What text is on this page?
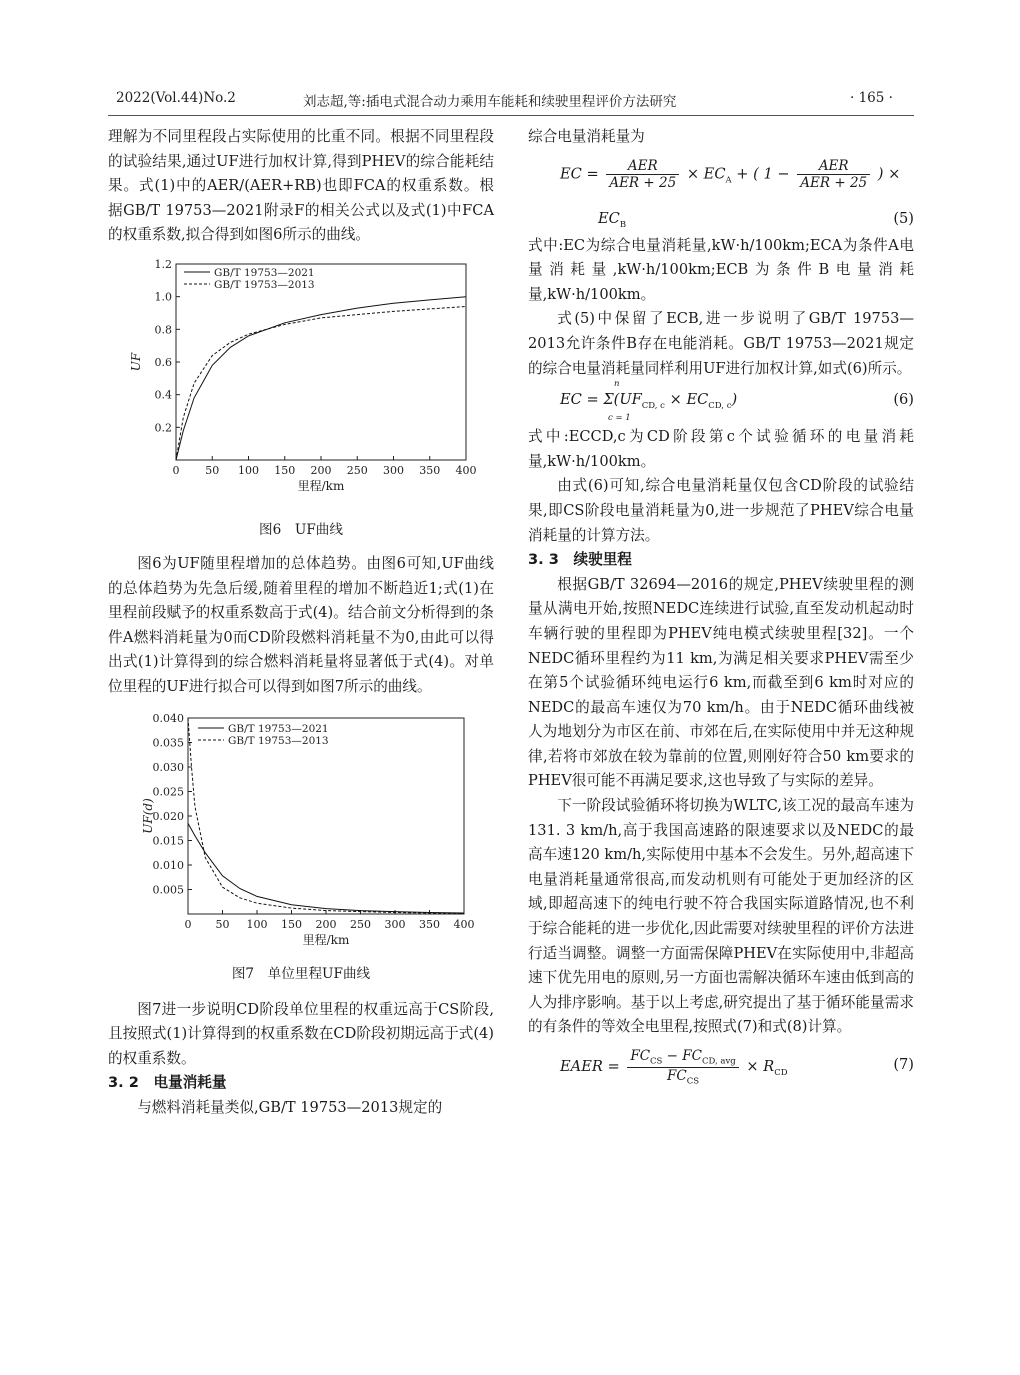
2022(Vol.44)No.2	刘志超,等:插电式混合动力乘用车能耗和续驶里程评价方法研究	· 165 ·

理解为不同里程段占实际使用的比重不同。根据不同里程段的试验结果,通过UF进行加权计算,得到PHEV的综合能耗结果。式(1)中的AER/(AER+RB)也即FCA的权重系数。根据GB/T 19753—2021附录F的相关公式以及式(1)中FCA的权重系数,拟合得到如图6所示的曲线。

0 50 100 150 200 250 300 350 400
0.2
0.4
0.6
0.8
1.0
1.2
里程/km
UF
GB/T 19753—2021
GB/T 19753—2013

图6　UF曲线

图6为UF随里程增加的总体趋势。由图6可知,UF曲线的总体趋势为先急后缓,随着里程的增加不断趋近1;式(1)在里程前段赋予的权重系数高于式(4)。结合前文分析得到的条件A燃料消耗量为0而CD阶段燃料消耗量不为0,由此可以得出式(1)计算得到的综合燃料消耗量将显著低于式(4)。对单位里程的UF进行拟合可以得到如图7所示的曲线。

0 50 100 150 200 250 300 350 400
0.005
0.010
0.015
0.020
0.025
0.030
0.035
0.040
里程/km
UF(d)
GB/T 19753—2021
GB/T 19753—2013

图7　单位里程UF曲线

图7进一步说明CD阶段单位里程的权重远高于CS阶段,且按照式(1)计算得到的权重系数在CD阶段初期远高于式(4)的权重系数。

3. 2　电量消耗量

与燃料消耗量类似,GB/T 19753—2013规定的

综合电量消耗量为

EC = $\frac{\text{AER}}{\text{AER + 25}} \times EC_A$ + ( $1 - \frac{\text{AER}}{\text{AER + 25}}$ ) ×
$EC_B$	(5)

式中:EC为综合电量消耗量,kW·h/100km;ECA为条件A电量消耗量,kW·h/100km;ECB为条件B电量消耗量,kW·h/100km。

式(5)中保留了ECB,进一步说明了GB/T 19753—2013允许条件B存在电能消耗。GB/T 19753—2021规定的综合电量消耗量同样利用UF进行加权计算,如式(6)所示。

EC = $\Sigma(UF_{CD, c} \times EC_{CD, c})$
n
c = 1
(6)

式中:ECCD,c为CD阶段第c个试验循环的电量消耗量,kW·h/100km。

由式(6)可知,综合电量消耗量仅包含CD阶段的试验结果,即CS阶段电量消耗量为0,进一步规范了PHEV综合电量消耗量的计算方法。

3. 3　续驶里程

根据GB/T 32694—2016的规定,PHEV续驶里程的测量从满电开始,按照NEDC连续进行试验,直至发动机起动时车辆行驶的里程即为PHEV纯电模式续驶里程[32]。一个NEDC循环里程约为11 km,为满足相关要求PHEV需至少在第5个试验循环纯电运行6 km,而截至到6 km时对应的NEDC的最高车速仅为70 km/h。由于NEDC循环曲线被人为地划分为市区在前、市郊在后,在实际使用中并无这种规律,若将市郊放在较为靠前的位置,则刚好符合50 km要求的PHEV很可能不再满足要求,这也导致了与实际的差异。

下一阶段试验循环将切换为WLTC,该工况的最高车速为131. 3 km/h,高于我国高速路的限速要求以及NEDC的最高车速120 km/h,实际使用中基本不会发生。另外,超高速下电量消耗量通常很高,而发动机则有可能处于更加经济的区域,即超高速下的纯电行驶不符合我国实际道路情况,也不利于综合能耗的进一步优化,因此需要对续驶里程的评价方法进行适当调整。调整一方面需保障PHEV在实际使用中,非超高速下优先用电的原则,另一方面也需解决循环车速由低到高的人为排序影响。基于以上考虑,研究提出了基于循环能量需求的有条件的等效全电里程,按照式(7)和式(8)计算。

EAER = $\frac{FC_{CS} - FC_{CD, avg}}{FC_{CS}} \times R_{CD}$
(7)
